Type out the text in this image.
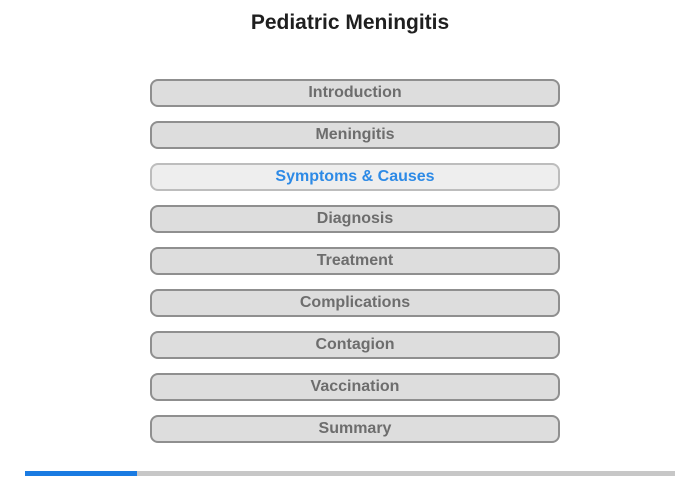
Pediatric Meningitis
Introduction
Meningitis
Symptoms & Causes
Diagnosis
Treatment
Complications
Contagion
Vaccination
Summary
